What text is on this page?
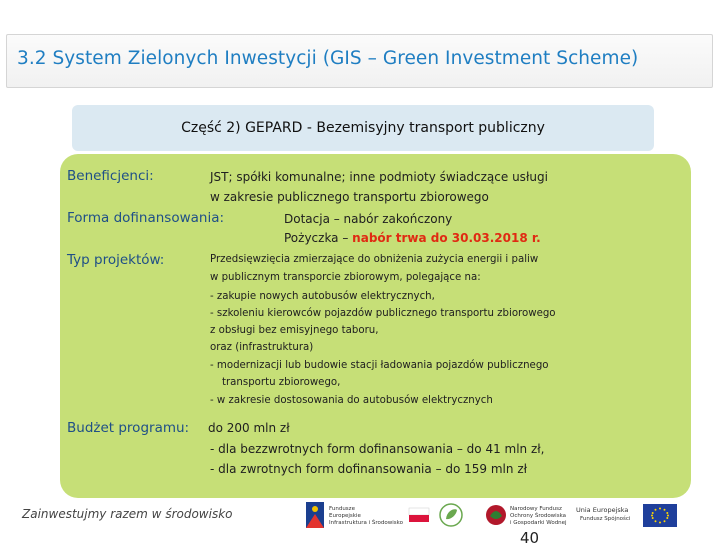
3.2 System Zielonych Inwestycji (GIS – Green Investment Scheme)
Część 2) GEPARD - Bezemisyjny transport publiczny
Beneficjenci:	JST; spółki komunalne; inne podmioty świadczące usługi
w zakresie publicznego transportu zbiorowego
Forma dofinansowania:	Dotacja – nabór zakończony
Pożyczka – nabór trwa do 30.03.2018 r.
Typ projektów:	Przedsięwzięcia zmierzające do obniżenia zużycia energii i paliw
w publicznym transporcie zbiorowym, polegające na:
- zakupie nowych autobusów elektrycznych,
- szkoleniu kierowców pojazdów publicznego transportu zbiorowego
z obsługi bez emisyjnego taboru,
oraz (infrastruktura)
- modernizacji lub budowie stacji ładowania pojazdów publicznego
transportu zbiorowego,
- w zakresie dostosowania do autobusów elektrycznych
Budżet programu: do 200 mln zł
- dla bezzwrotnych form dofinansowania – do 41 mln zł,
- dla zwrotnych form dofinansowania – do 159 mln zł
Zainwestujmy razem w środowisko	Fundusze
Europejskie
Infrastruktura i Środowisko
Narodowy Fundusz
Ochrony Środowiska
i Gospodarki Wodnej
Unia Europejska
Fundusz Spójności
40
